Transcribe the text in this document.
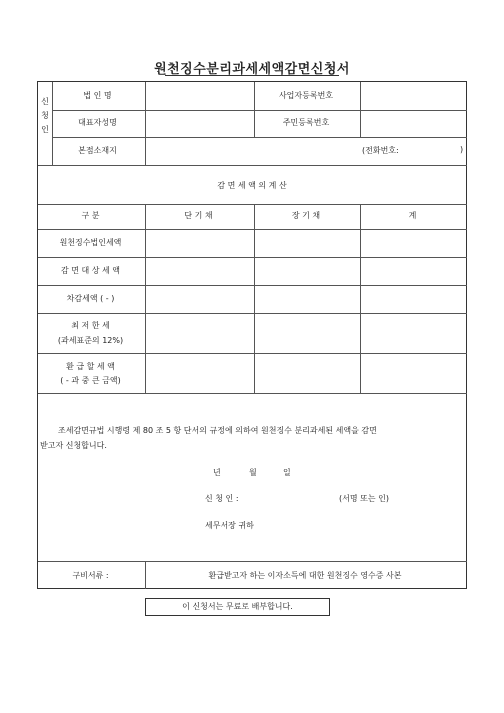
원천징수분리과세세액감면신청서
신
청
인
법 인 명	사업자등록번호
대표자성명	주민등록번호
본점소재지	(전화번호:	)
감 면 세 액 의 계 산
구 분	단 기 채	장 기 채	계
원천징수법인세액
감 면 대 상 세 액
차감세액 ( - )
최 저 한 세
(과세표준의 12%)
환 급 할 세 액
( - 과 중 큰 금액)
조세감면규법 시행령 제 80 조 5 항 단서의 규정에 의하여 원천징수 분리과세된 세액을 감면
받고자 신청합니다.
년	월	일
신 청 인 :	(서명 또는 인)
세무서장 귀하
구비서류 :	환급받고자 하는 이자소득에 대한 원천징수 영수증 사본
이 신청서는 무료로 배부합니다.
